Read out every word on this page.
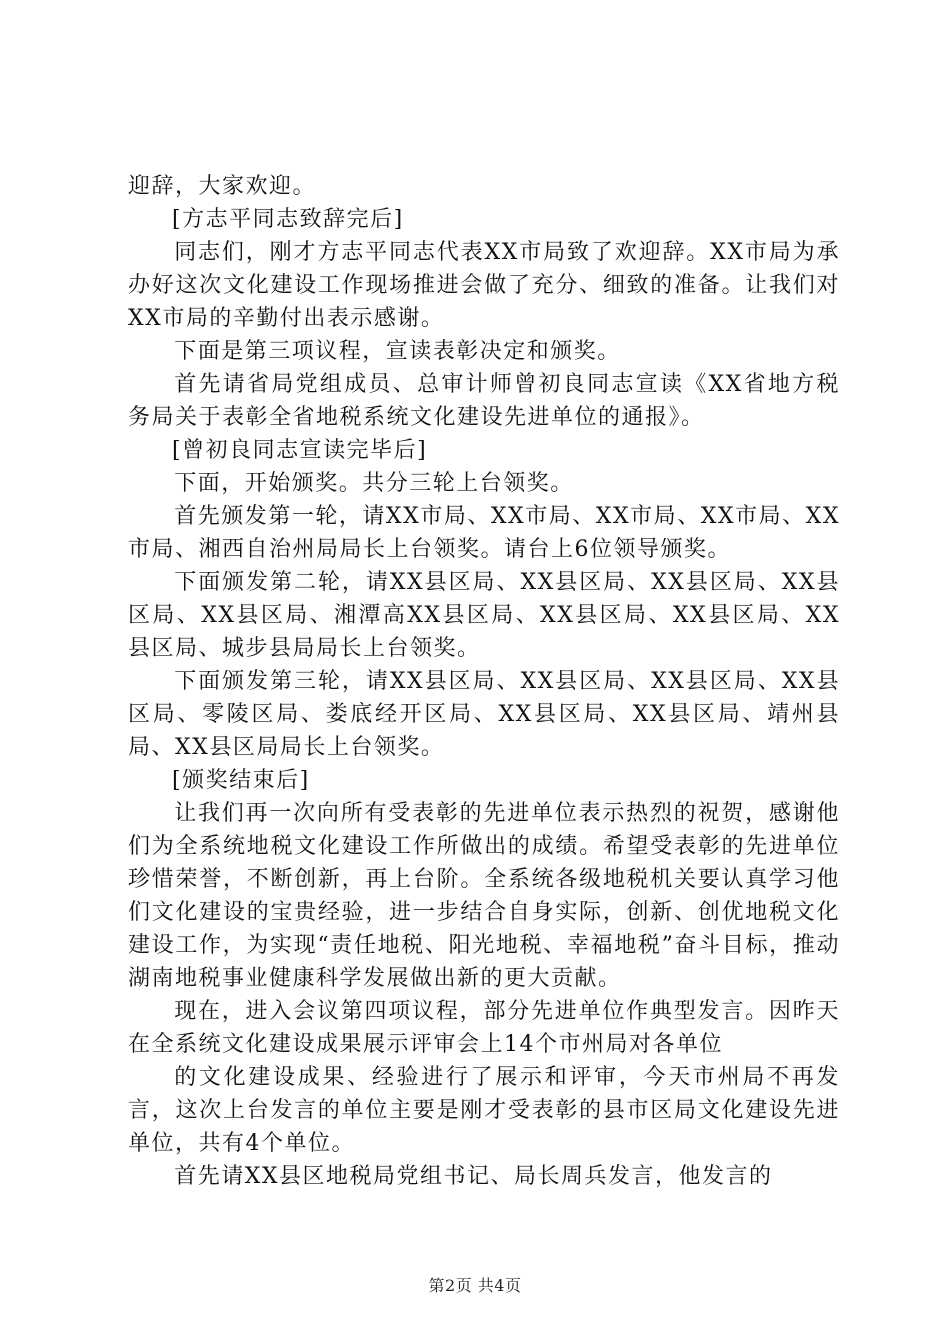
迎辞，大家欢迎。

[方志平同志致辞完后]

同志们，刚才方志平同志代表XX市局致了欢迎辞。XX市局为承办好这次文化建设工作现场推进会做了充分、细致的准备。让我们对XX市局的辛勤付出表示感谢。

下面是第三项议程，宣读表彰决定和颁奖。

首先请省局党组成员、总审计师曾初良同志宣读《XX省地方税务局关于表彰全省地税系统文化建设先进单位的通报》。

[曾初良同志宣读完毕后]

下面，开始颁奖。共分三轮上台领奖。

首先颁发第一轮，请XX市局、XX市局、XX市局、XX市局、XX市局、湘西自治州局局长上台领奖。请台上6位领导颁奖。

下面颁发第二轮，请XX县区局、XX县区局、XX县区局、XX县区局、XX县区局、湘潭高XX县区局、XX县区局、XX县区局、XX县区局、城步县局局长上台领奖。

下面颁发第三轮，请XX县区局、XX县区局、XX县区局、XX县区局、零陵区局、娄底经开区局、XX县区局、XX县区局、靖州县局、XX县区局局长上台领奖。

[颁奖结束后]

让我们再一次向所有受表彰的先进单位表示热烈的祝贺，感谢他们为全系统地税文化建设工作所做出的成绩。希望受表彰的先进单位珍惜荣誉，不断创新，再上台阶。全系统各级地税机关要认真学习他们文化建设的宝贵经验，进一步结合自身实际，创新、创优地税文化建设工作，为实现“责任地税、阳光地税、幸福地税”奋斗目标，推动湖南地税事业健康科学发展做出新的更大贡献。

现在，进入会议第四项议程，部分先进单位作典型发言。因昨天在全系统文化建设成果展示评审会上14个市州局对各单位

的文化建设成果、经验进行了展示和评审，今天市州局不再发言，这次上台发言的单位主要是刚才受表彰的县市区局文化建设先进单位，共有4个单位。

首先请XX县区地税局党组书记、局长周兵发言，他发言的

第2页 共4页
